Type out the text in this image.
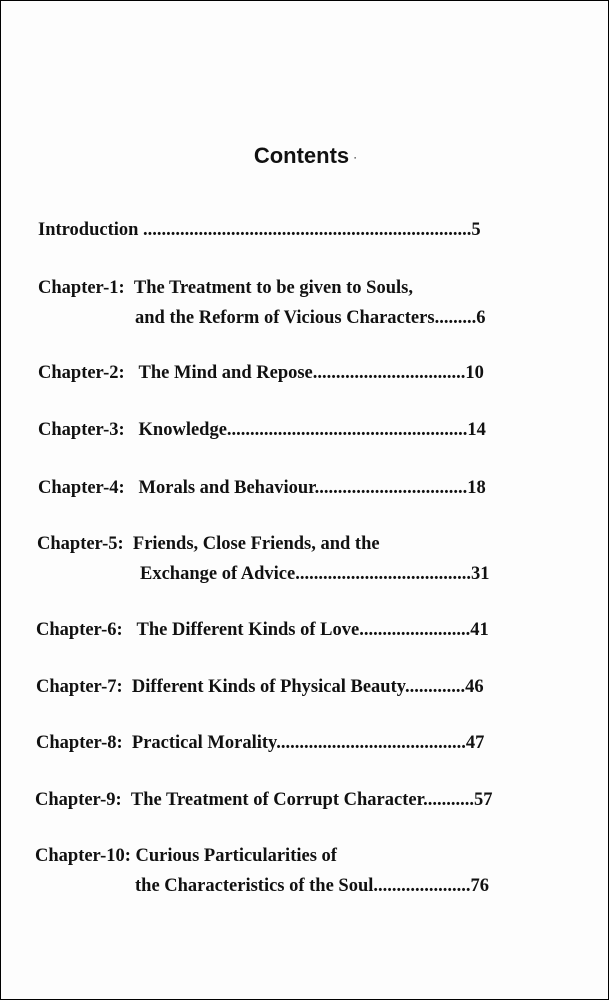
Contents ·
Introduction .......................................................................5
Chapter-1: The Treatment to be given to Souls,
and the Reform of Vicious Characters.........6
Chapter-2: The Mind and Repose.................................10
Chapter-3: Knowledge....................................................14
Chapter-4: Morals and Behaviour.................................18
Chapter-5: Friends, Close Friends, and the
Exchange of Advice......................................31
Chapter-6: The Different Kinds of Love........................41
Chapter-7: Different Kinds of Physical Beauty.............46
Chapter-8: Practical Morality.........................................47
Chapter-9: The Treatment of Corrupt Character...........57
Chapter-10: Curious Particularities of
the Characteristics of the Soul.....................76
